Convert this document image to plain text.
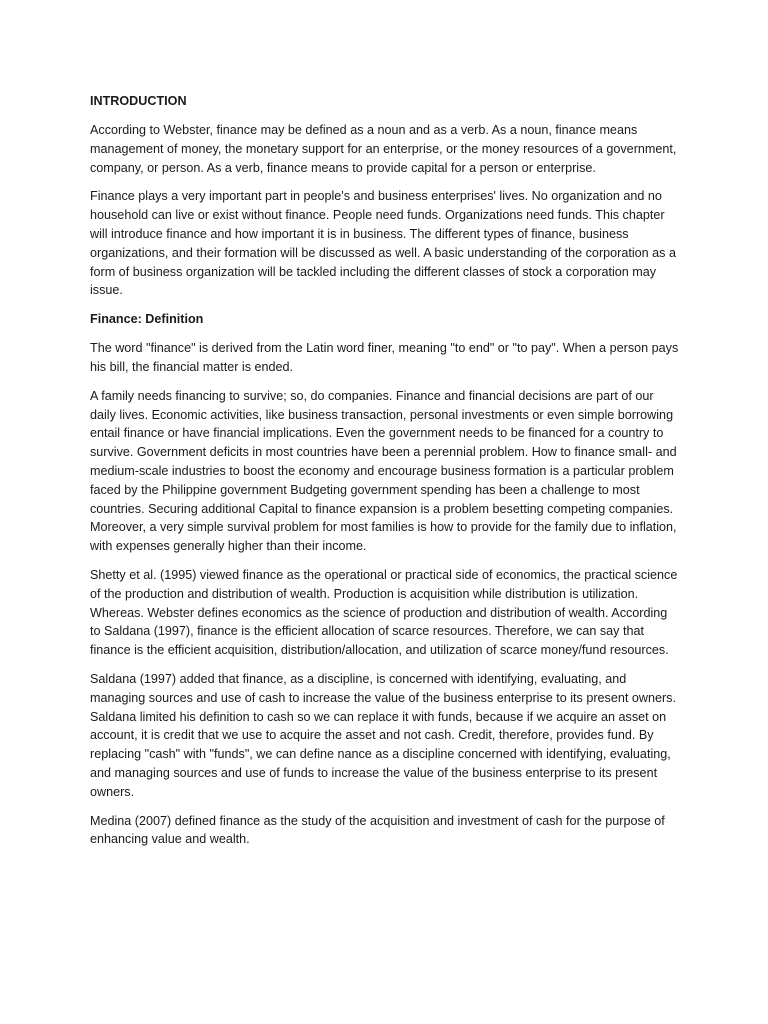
INTRODUCTION

According to Webster, finance may be defined as a noun and as a verb. As a noun, finance means management of money, the monetary support for an enterprise, or the money resources of a government, company, or person. As a verb, finance means to provide capital for a person or enterprise.

Finance plays a very important part in people's and business enterprises' lives. No organization and no household can live or exist without finance. People need funds. Organizations need funds. This chapter will introduce finance and how important it is in business. The different types of finance, business organizations, and their formation will be discussed as well. A basic understanding of the corporation as a form of business organization will be tackled including the different classes of stock a corporation may issue.

Finance: Definition

The word "finance" is derived from the Latin word finer, meaning "to end" or "to pay". When a person pays his bill, the financial matter is ended.

A family needs financing to survive; so, do companies. Finance and financial decisions are part of our daily lives. Economic activities, like business transaction, personal investments or even simple borrowing entail finance or have financial implications. Even the government needs to be financed for a country to survive. Government deficits in most countries have been a perennial problem. How to finance small- and medium-scale industries to boost the economy and encourage business formation is a particular problem faced by the Philippine government Budgeting government spending has been a challenge to most countries. Securing additional Capital to finance expansion is a problem besetting competing companies. Moreover, a very simple survival problem for most families is how to provide for the family due to inflation, with expenses generally higher than their income.

Shetty et al. (1995) viewed finance as the operational or practical side of economics, the practical science of the production and distribution of wealth. Production is acquisition while distribution is utilization. Whereas. Webster defines economics as the science of production and distribution of wealth. According to Saldana (1997), finance is the efficient allocation of scarce resources. Therefore, we can say that finance is the efficient acquisition, distribution/allocation, and utilization of scarce money/fund resources.

Saldana (1997) added that finance, as a discipline, is concerned with identifying, evaluating, and managing sources and use of cash to increase the value of the business enterprise to its present owners. Saldana limited his definition to cash so we can replace it with funds, because if we acquire an asset on account, it is credit that we use to acquire the asset and not cash. Credit, therefore, provides fund. By replacing "cash" with "funds", we can define nance as a discipline concerned with identifying, evaluating, and managing sources and use of funds to increase the value of the business enterprise to its present owners.

Medina (2007) defined finance as the study of the acquisition and investment of cash for the purpose of enhancing value and wealth.
